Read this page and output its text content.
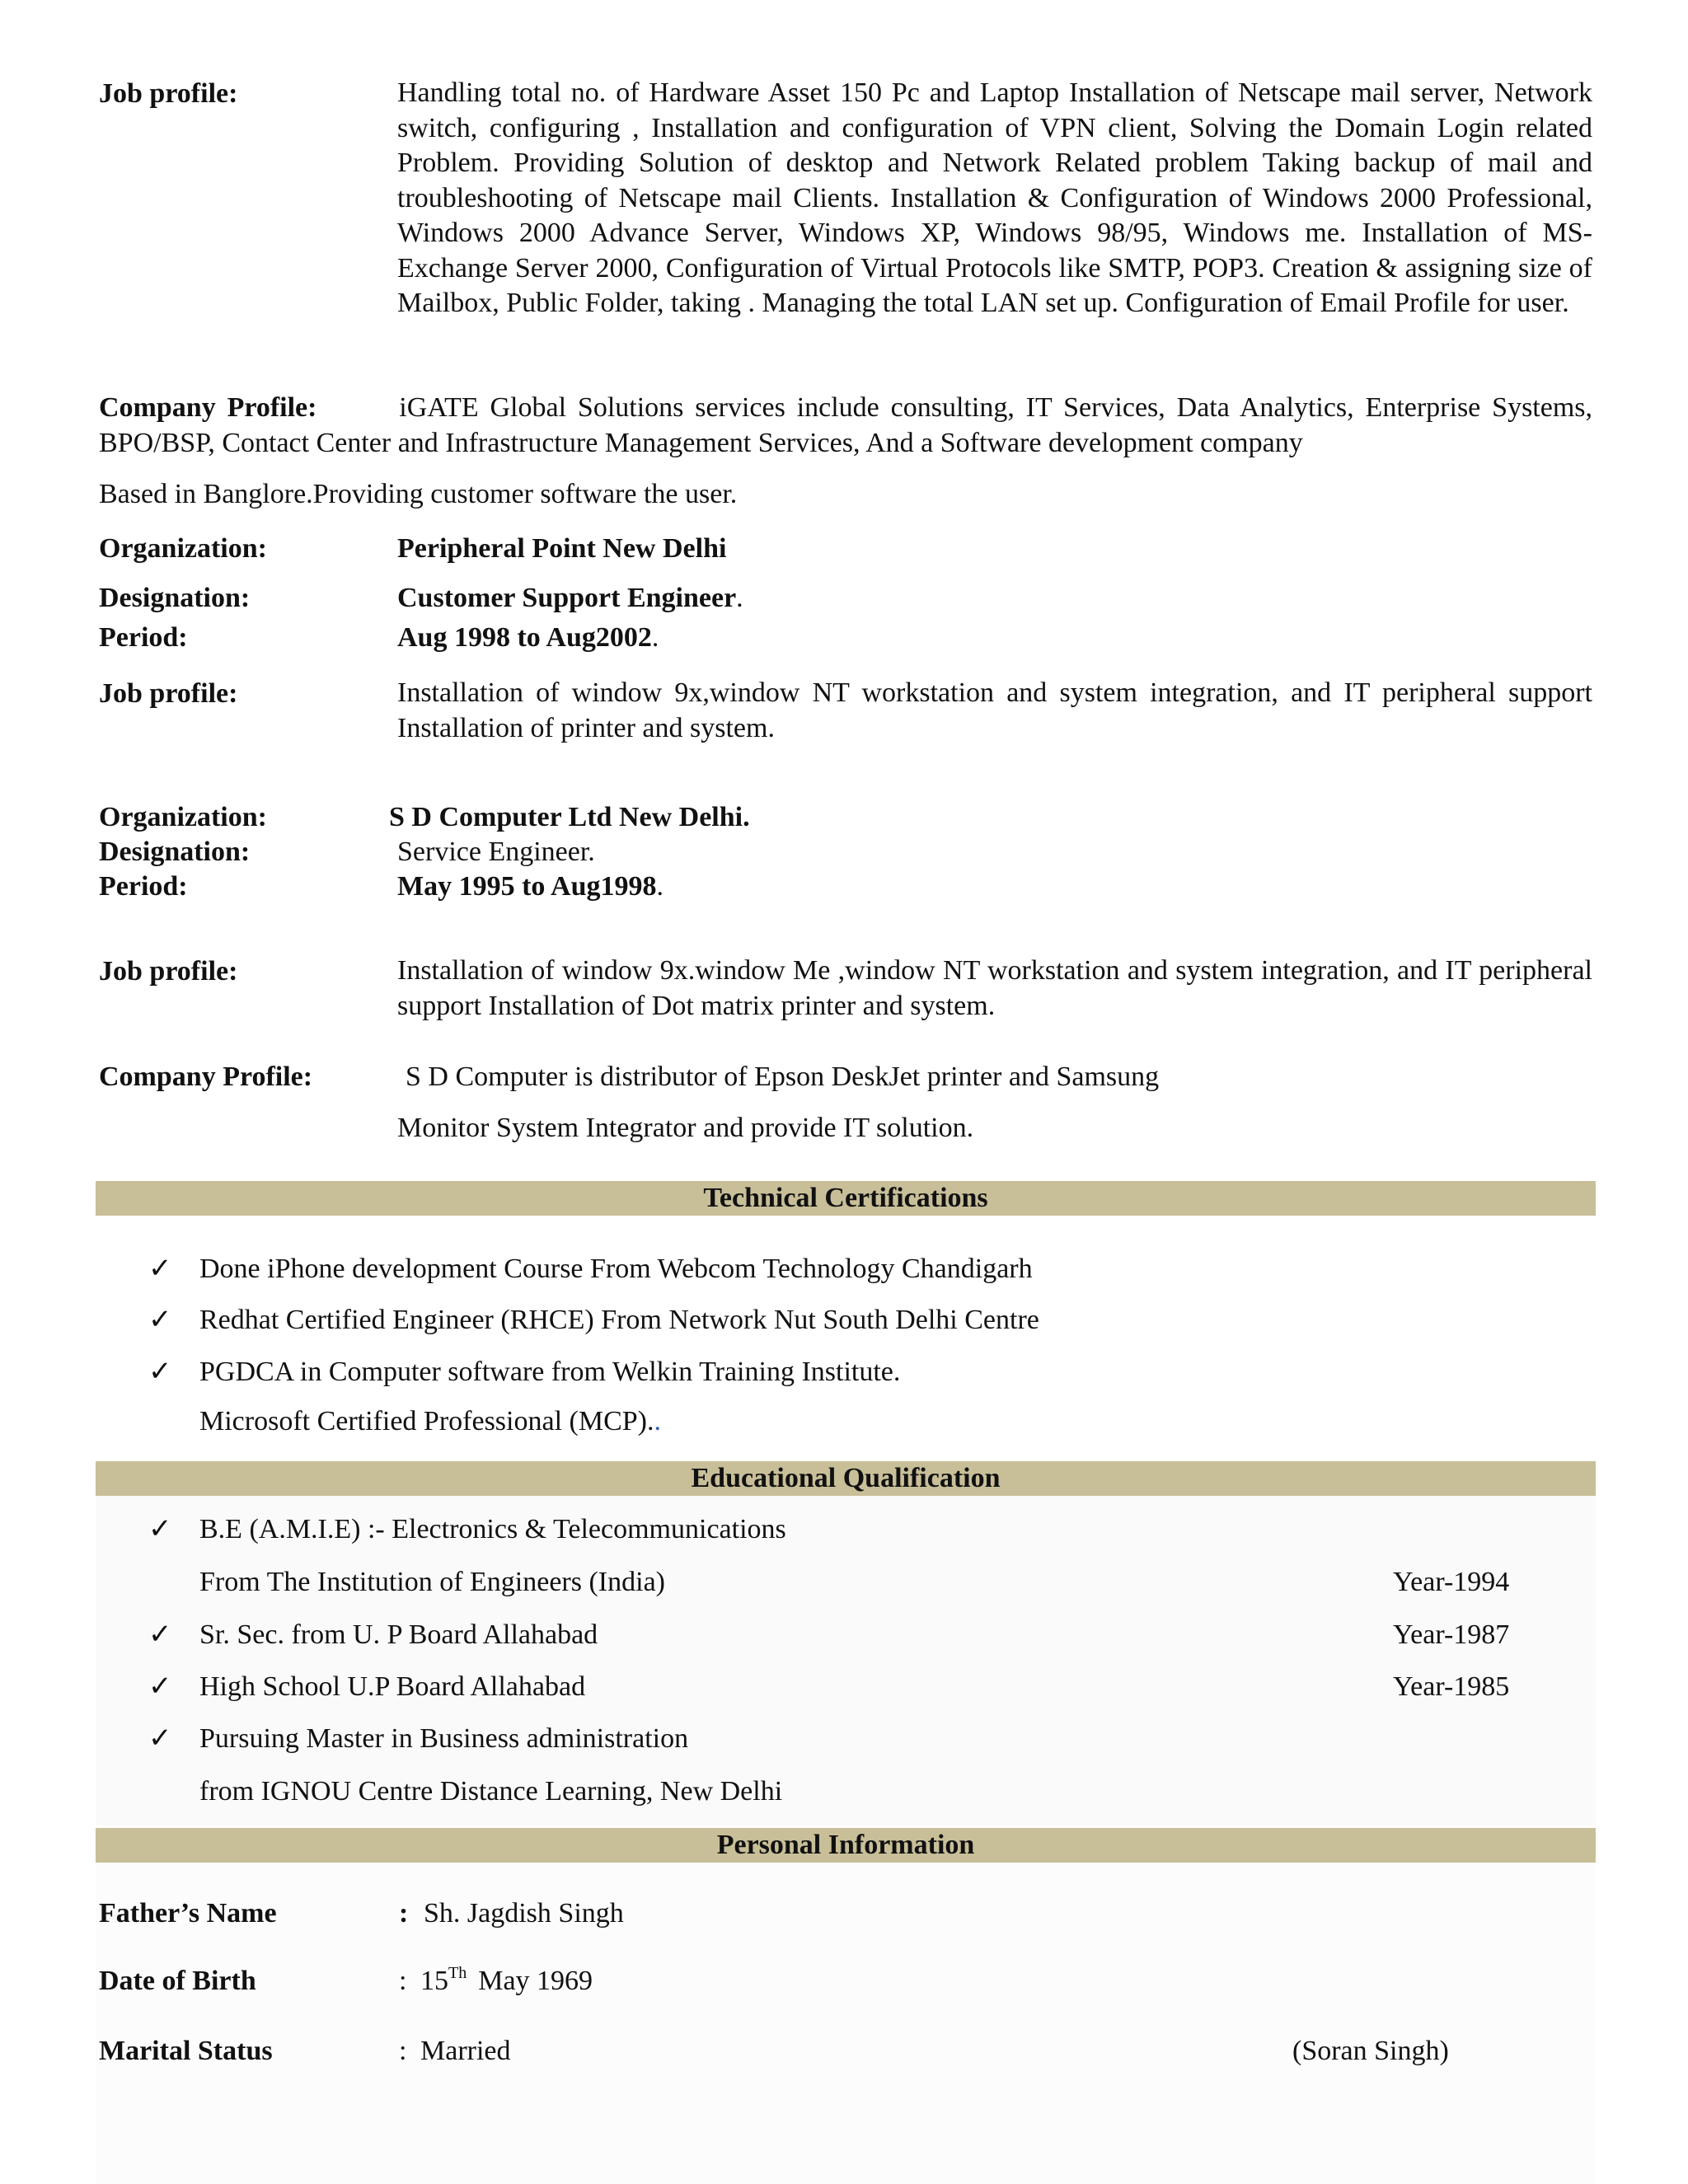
Job profile:	Handling total no. of Hardware Asset 150 Pc and Laptop Installation of Netscape mail server, Network switch, configuring , Installation and configuration of VPN client, Solving the Domain Login related Problem. Providing Solution of desktop and Network Related problem Taking backup of mail and troubleshooting of Netscape mail Clients. Installation & Configuration of Windows 2000 Professional, Windows 2000 Advance Server, Windows XP, Windows 98/95, Windows me. Installation of MS-Exchange Server 2000, Configuration of Virtual Protocols like SMTP, POP3. Creation & assigning size of Mailbox, Public Folder, taking . Managing the total LAN set up. Configuration of Email Profile for user.
Company Profile:	iGATE Global Solutions services include consulting, IT Services, Data Analytics, Enterprise Systems, BPO/BSP, Contact Center and Infrastructure Management Services, And a Software development company
Based in Banglore.Providing customer software the user.
Organization:	Peripheral Point New Delhi
Designation:	Customer Support Engineer.
Period:	Aug 1998 to Aug2002.
Job profile:	Installation of window 9x,window NT workstation and system integration, and IT peripheral support Installation of printer and system.
Organization:	S D Computer Ltd New Delhi.
Designation:	Service Engineer.
Period:	May 1995 to Aug1998.
Job profile:	Installation of window 9x.window Me ,window NT workstation and system integration, and IT peripheral support Installation of Dot matrix printer and system.
Company Profile:	S D Computer is distributor of Epson DeskJet printer and Samsung
Monitor System Integrator and provide IT solution.
Technical Certifications
✓ Done iPhone development Course From Webcom Technology Chandigarh
✓ Redhat Certified Engineer (RHCE) From Network Nut South Delhi Centre
✓ PGDCA in Computer software from Welkin Training Institute.
Microsoft Certified Professional (MCP)..
Educational Qualification
✓ B.E (A.M.I.E) :- Electronics & Telecommunications
From The Institution of Engineers (India)	Year-1994
✓ Sr. Sec. from U. P Board Allahabad	Year-1987
✓ High School U.P Board Allahabad	Year-1985
✓ Pursuing Master in Business administration
from IGNOU Centre Distance Learning, New Delhi
Personal Information
Father’s Name	: Sh. Jagdish Singh
Date of Birth	: 15Th May 1969
Marital Status	: Married	(Soran Singh)
